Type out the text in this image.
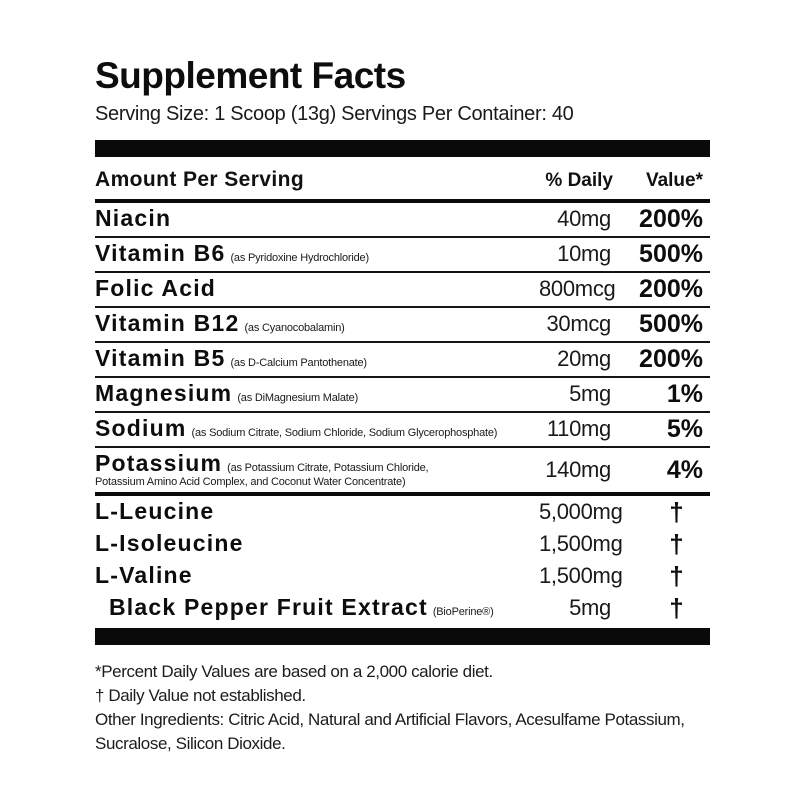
Supplement Facts
Serving Size: 1 Scoop (13g) Servings Per Container: 40
Amount Per Serving	% Daily	Value*
Niacin	40mg	200%
Vitamin B6 (as Pyridoxine Hydrochloride)	10mg	500%
Folic Acid	800mcg 200%
Vitamin B12 (as Cyanocobalamin)	30mcg	500%
Vitamin B5 (as D-Calcium Pantothenate)	20mg	200%
Magnesium (as DiMagnesium Malate)	5mg	1%
Sodium (as Sodium Citrate, Sodium Chloride, Sodium Glycerophosphate)	110mg	5%
Potassium (as Potassium Citrate, Potassium Chloride,
Potassium Amino Acid Complex, and Coconut Water Concentrate)
140mg	4%
L-Leucine	5,000mg	†
L-Isoleucine	1,500mg	†
L-Valine	1,500mg	†
Black Pepper Fruit Extract (BioPerine®)	5mg	†
*Percent Daily Values are based on a 2,000 calorie diet.
† Daily Value not established.
Other Ingredients: Citric Acid, Natural and Artificial Flavors, Acesulfame Potassium,
Sucralose, Silicon Dioxide.
